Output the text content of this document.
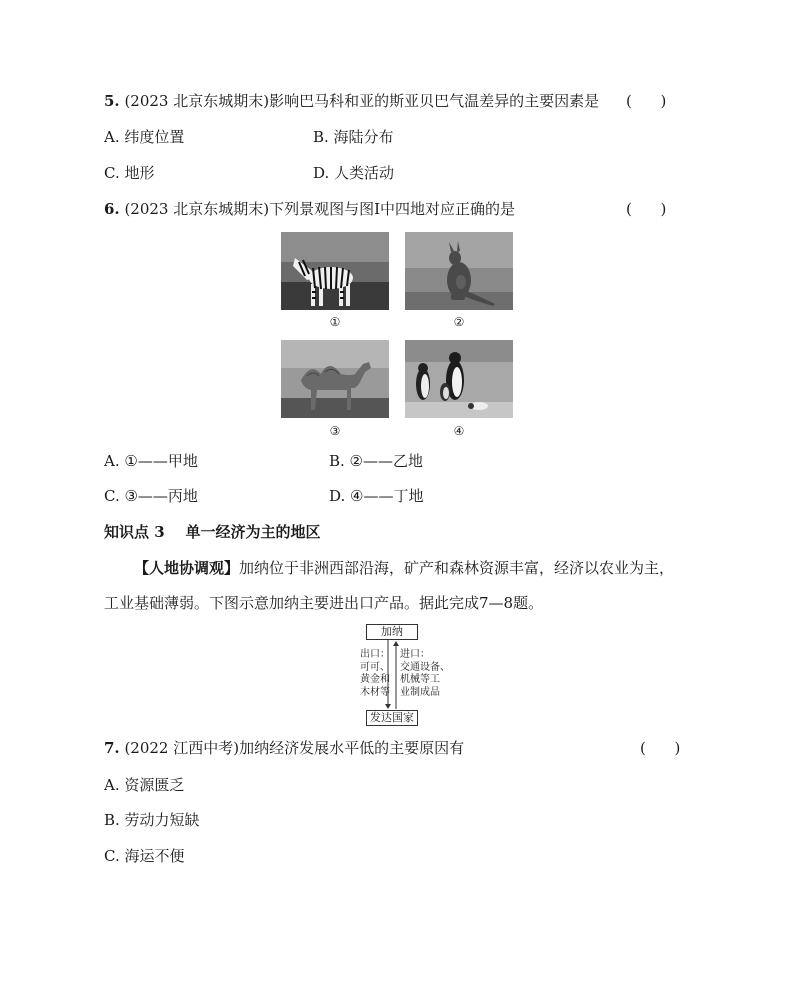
5. (2023 北京东城期末)影响巴马科和亚的斯亚贝巴气温差异的主要因素是 (      )
A. 纬度位置	B. 海陆分布
C. 地形	D. 人类活动
6. (2023 北京东城期末)下列景观图与图Ⅰ中四地对应正确的是	(      )
①	②
③	④
A. ①——甲地	B. ②——乙地
C. ③——丙地	D. ④——丁地
知识点 3    单一经济为主的地区
【人地协调观】加纳位于非洲西部沿海，矿产和森林资源丰富，经济以农业为主，
工业基础薄弱。下图示意加纳主要进出口产品。据此完成7—8题。
加纳
发达国家
出口：
可可、
黄金和
木材等
进口：
交通设备、
机械等工
业制成品
7. (2022 江西中考)加纳经济发展水平低的主要原因有	(      )
A. 资源匮乏
B. 劳动力短缺
C. 海运不便
